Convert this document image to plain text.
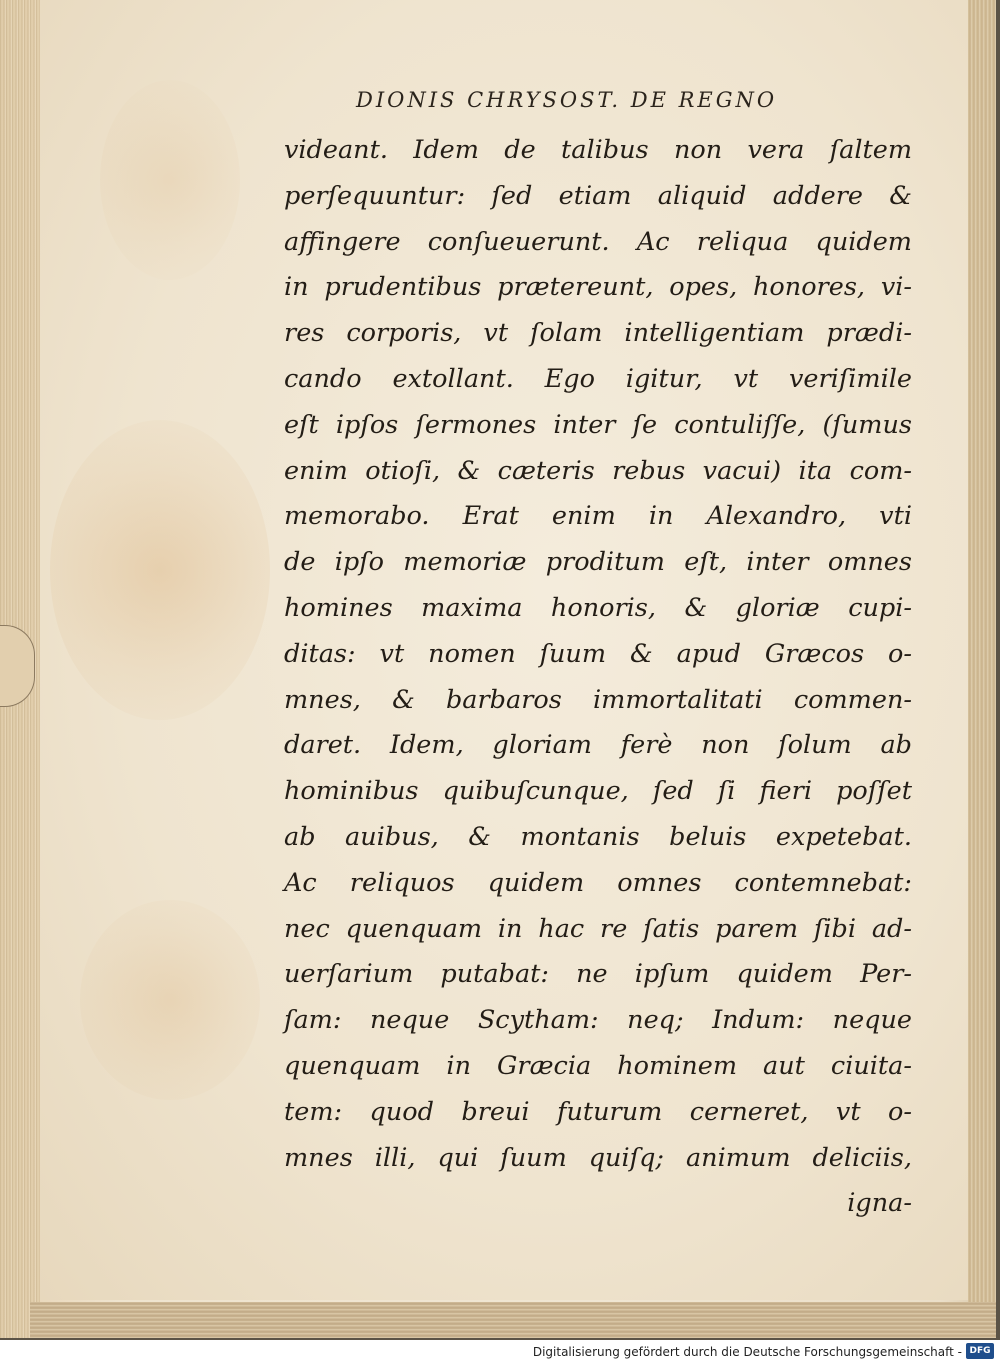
DIONIS CHRYSOST. DE REGNO
videant. Idem de talibus non vera ſaltem
perſequuntur: ſed etiam aliquid addere &
affingere conſueuerunt. Ac reliqua quidem
in prudentibus prætereunt, opes, honores, vi-
res corporis, vt ſolam intelligentiam prædi-
cando extollant. Ego igitur, vt veriſimile
eſt ipſos ſermones inter ſe contuliſſe, (ſumus
enim otioſi, & cæteris rebus vacui) ita com-
memorabo. Erat enim in Alexandro, vti
de ipſo memoriæ proditum eſt, inter omnes
homines maxima honoris, & gloriæ cupi-
ditas: vt nomen ſuum & apud Græcos o-
mnes, & barbaros immortalitati commen-
daret. Idem, gloriam ferè non ſolum ab
hominibus quibuſcunque, ſed ſi fieri poſſet
ab auibus, & montanis beluis expetebat.
Ac reliquos quidem omnes contemnebat:
nec quenquam in hac re ſatis parem ſibi ad-
uerſarium putabat: ne ipſum quidem Per-
ſam: neque Scytham: neq; Indum: neque
quenquam in Græcia hominem aut ciuita-
tem: quod breui futurum cerneret, vt o-
mnes illi, qui ſuum quiſq; animum deliciis,
igna-
Digitalisierung gefördert durch die Deutsche Forschungsgemeinschaft - DFG
